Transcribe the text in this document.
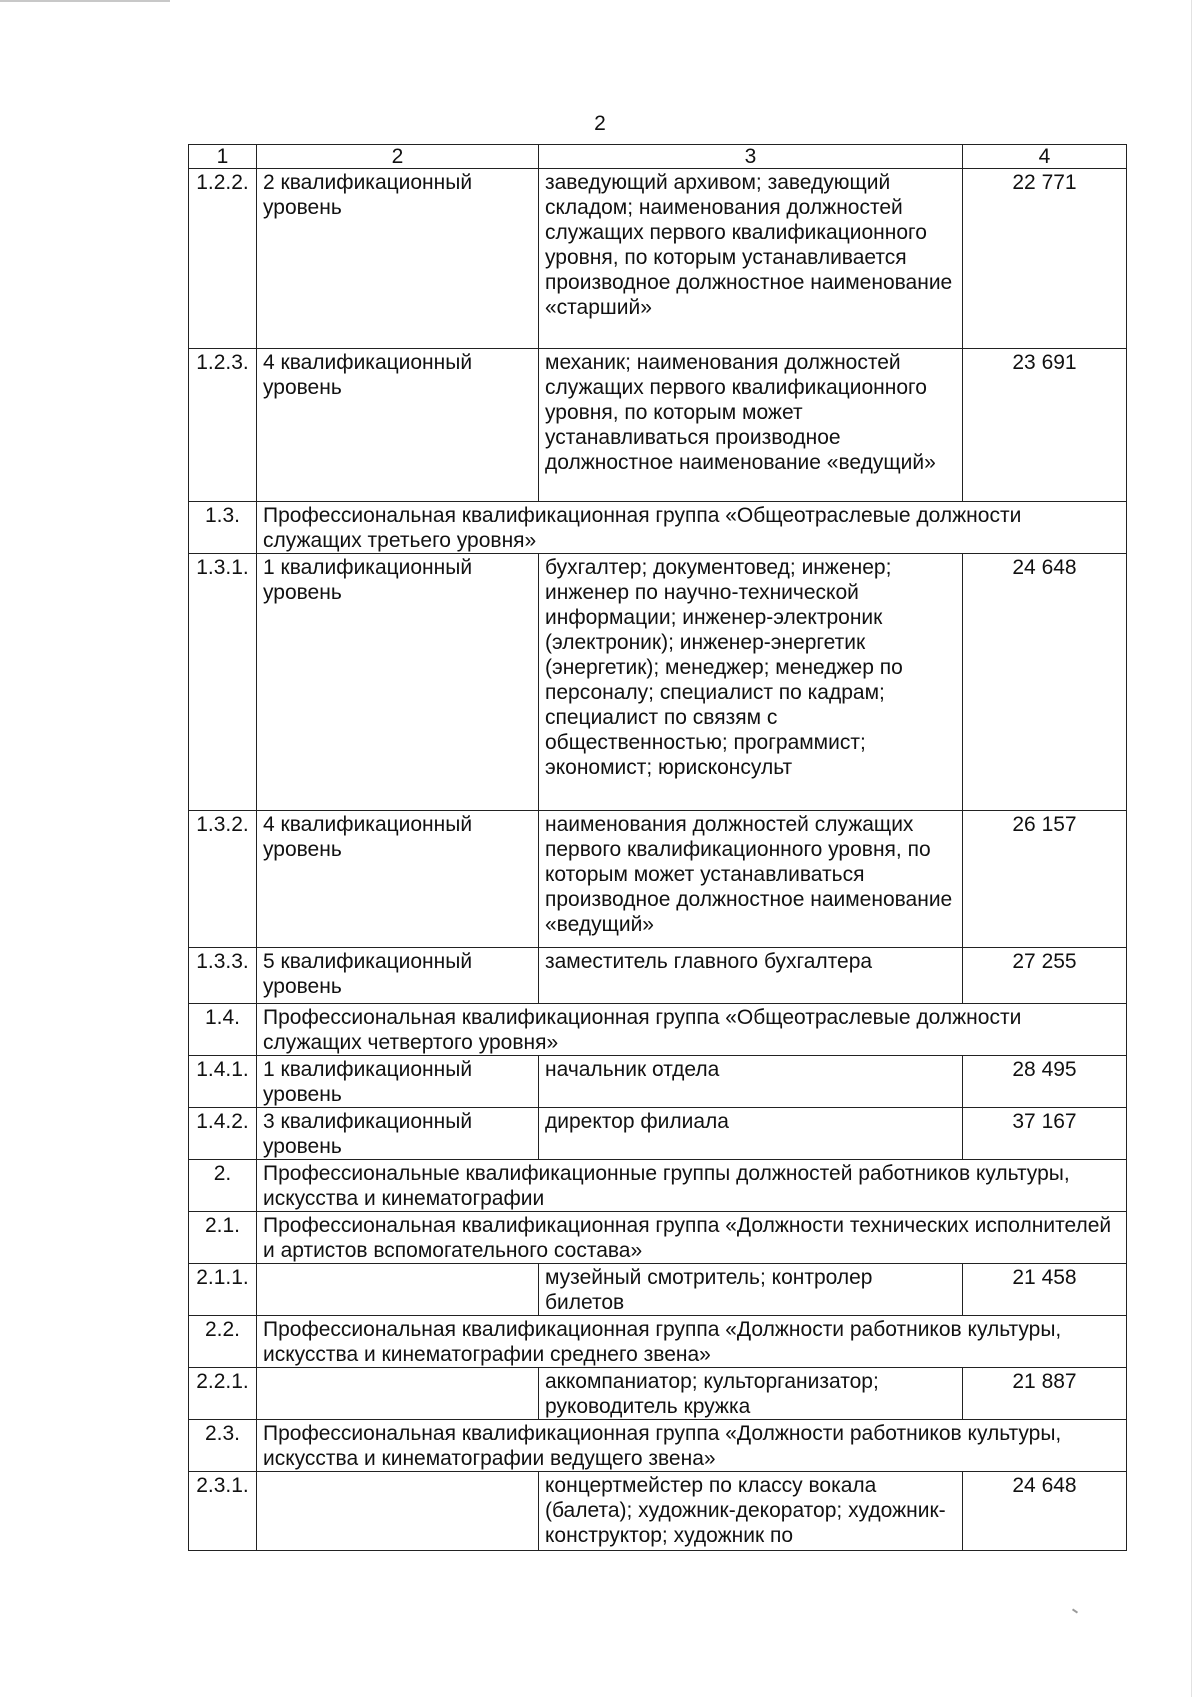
2
1	2	3	4
1.2.2.	2 квалификационный уровень	заведующий архивом; заведующий складом; наименования должностей служащих первого квалификационного уровня, по которым устанавливается производное должностное наименование «старший»	22 771
1.2.3.	4 квалификационный уровень	механик; наименования должностей служащих первого квалификационного уровня, по которым может устанавливаться производное должностное наименование «ведущий»	23 691
1.3.	Профессиональная квалификационная группа «Общеотраслевые должности служащих третьего уровня»		
1.3.1.	1 квалификационный уровень	бухгалтер; документовед; инженер; инженер по научно-технической информации; инженер-электроник (электроник); инженер-энергетик (энергетик); менеджер; менеджер по персоналу; специалист по кадрам; специалист по связям с общественностью; программист; экономист; юрисконсульт	24 648
1.3.2.	4 квалификационный уровень	наименования должностей служащих первого квалификационного уровня, по которым может устанавливаться производное должностное наименование «ведущий»	26 157
1.3.3.	5 квалификационный уровень	заместитель главного бухгалтера	27 255
1.4.	Профессиональная квалификационная группа «Общеотраслевые должности служащих четвертого уровня»		
1.4.1.	1 квалификационный уровень	начальник отдела	28 495
1.4.2.	3 квалификационный уровень	директор филиала	37 167
2.	Профессиональные квалификационные группы должностей работников культуры, искусства и кинематографии		
2.1.	Профессиональная квалификационная группа «Должности технических исполнителей и артистов вспомогательного состава»		
2.1.1.		музейный смотритель; контролер билетов	21 458
2.2.	Профессиональная квалификационная группа «Должности работников культуры, искусства и кинематографии среднего звена»		
2.2.1.		аккомпаниатор; культорганизатор; руководитель кружка	21 887
2.3.	Профессиональная квалификационная группа «Должности работников культуры, искусства и кинематографии ведущего звена»		
2.3.1.		концертмейстер по классу вокала (балета); художник-декоратор; художник-конструктор; художник по	24 648
